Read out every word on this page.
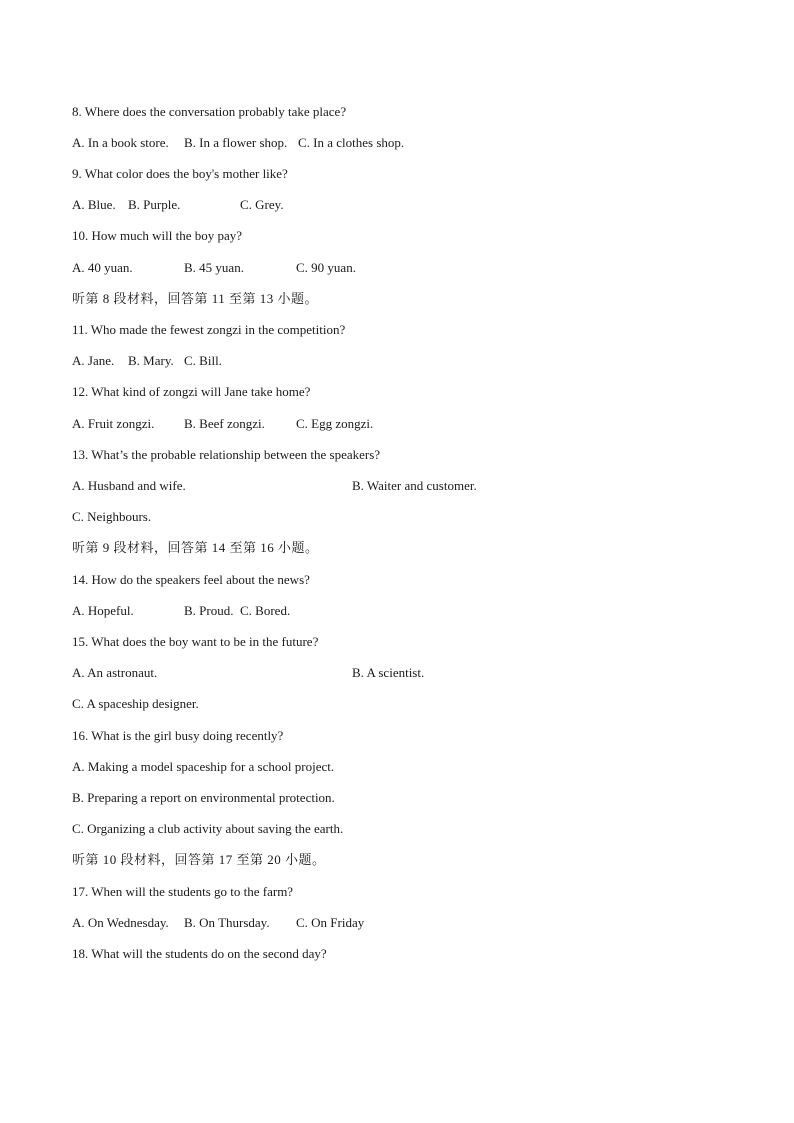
8. Where does the conversation probably take place?
A. In a book store. B. In a flower shop. C. In a clothes shop.
9. What color does the boy's mother like?
A. Blue. B. Purple.	C. Grey.
10. How much will the boy pay?
A. 40 yuan.	B. 45 yuan.	C. 90 yuan.
听第 8 段材料，回答第 11 至第 13 小题。
11. Who made the fewest zongzi in the competition?
A. Jane. B. Mary. C. Bill.
12. What kind of zongzi will Jane take home?
A. Fruit zongzi. B. Beef zongzi. C. Egg zongzi.
13. What’s the probable relationship between the speakers?
A. Husband and wife.	B. Waiter and customer.
C. Neighbours.
听第 9 段材料，回答第 14 至第 16 小题。
14. How do the speakers feel about the news?
A. Hopeful.	B. Proud. C. Bored.
15. What does the boy want to be in the future?
A. An astronaut.	B. A scientist.
C. A spaceship designer.
16. What is the girl busy doing recently?
A. Making a model spaceship for a school project.
B. Preparing a report on environmental protection.
C. Organizing a club activity about saving the earth.
听第 10 段材料，回答第 17 至第 20 小题。
17. When will the students go to the farm?
A. On Wednesday. B. On Thursday. C. On Friday
18. What will the students do on the second day?
